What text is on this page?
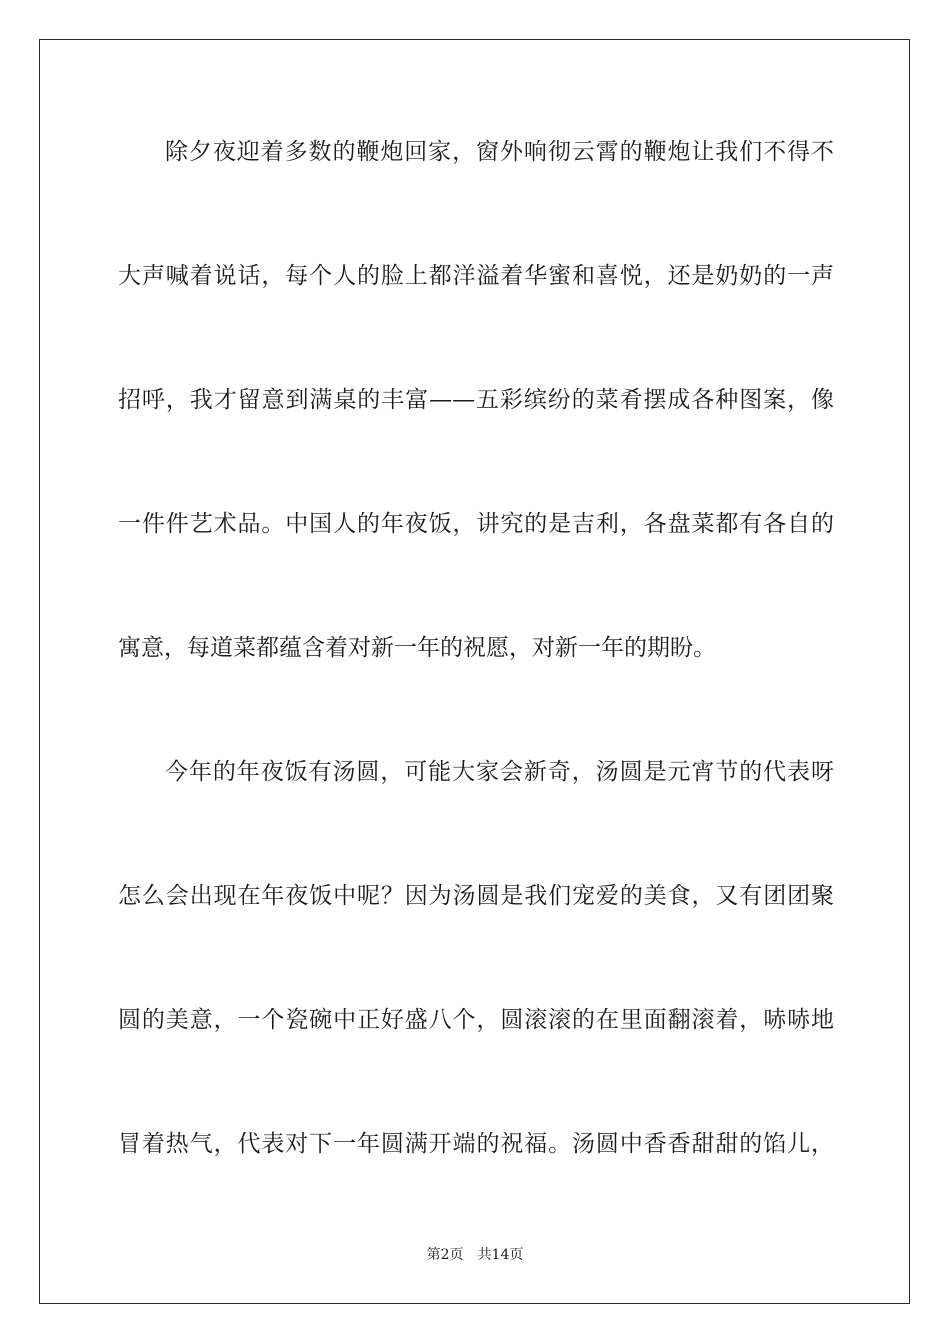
除夕夜迎着多数的鞭炮回家，窗外响彻云霄的鞭炮让我们不得不
大声喊着说话，每个人的脸上都洋溢着华蜜和喜悦，还是奶奶的一声
招呼，我才留意到满桌的丰富——五彩缤纷的菜肴摆成各种图案，像
一件件艺术品。中国人的年夜饭，讲究的是吉利，各盘菜都有各自的
寓意，每道菜都蕴含着对新一年的祝愿，对新一年的期盼。
今年的年夜饭有汤圆，可能大家会新奇，汤圆是元宵节的代表呀
怎么会出现在年夜饭中呢？因为汤圆是我们宠爱的美食，又有团团聚
圆的美意，一个瓷碗中正好盛八个，圆滚滚的在里面翻滚着，哧哧地
冒着热气，代表对下一年圆满开端的祝福。汤圆中香香甜甜的馅儿，
第2页 共14页
